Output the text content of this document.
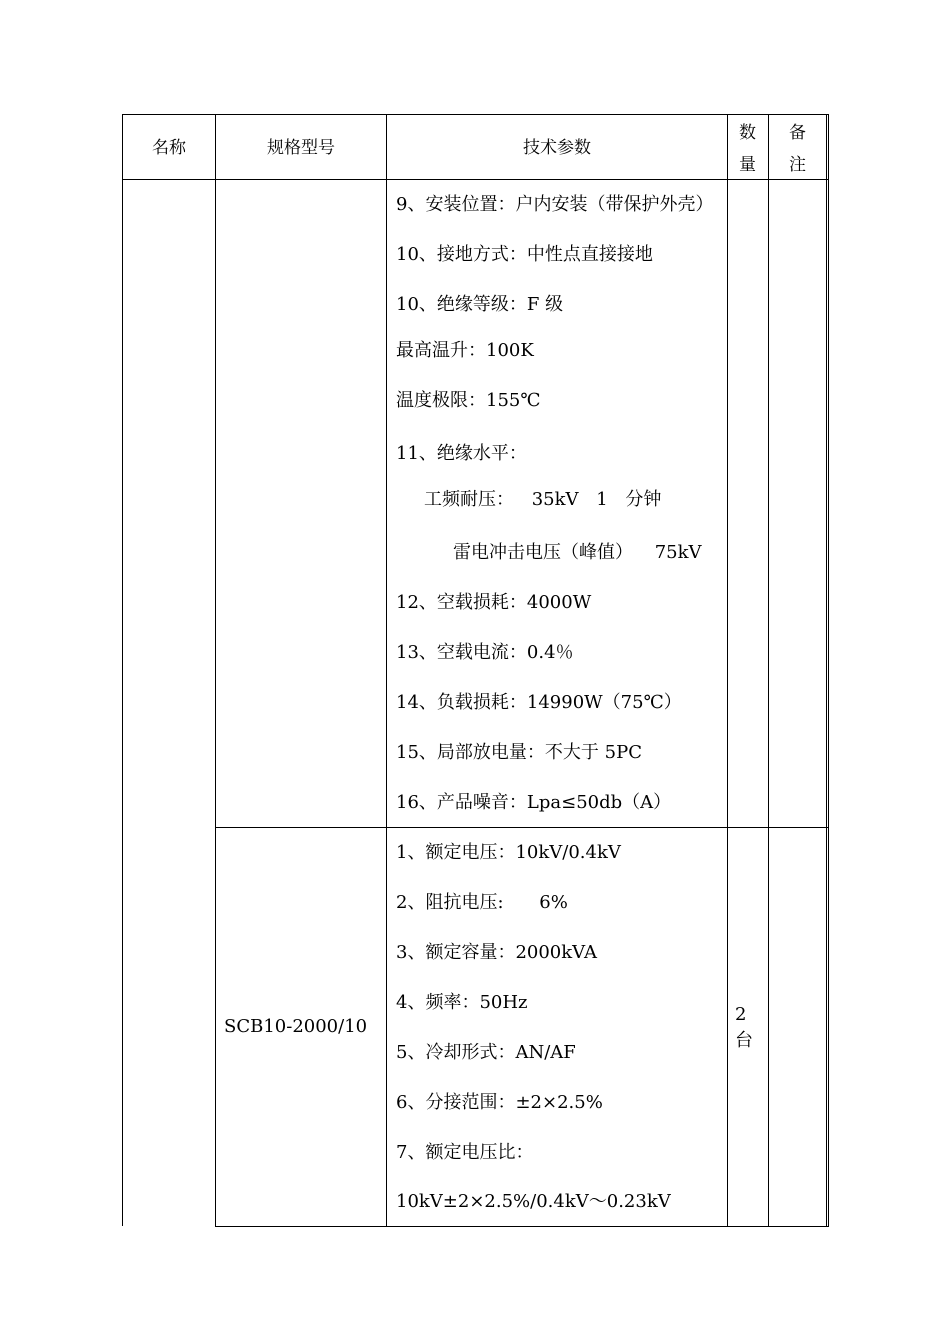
名称	规格型号	技术参数
数
量
备
注
9、安装位置：户内安装（带保护外壳）
10、接地方式：中性点直接接地
10、绝缘等级：F 级
最高温升：100K
温度极限：155℃
11、绝缘水平：
工频耐压： 35kV 1 分钟
雷电冲击电压（峰值） 75kV
12、空载损耗：4000W
13、空载电流：0.4％
14、负载损耗：14990W（75℃）
15、局部放电量：不大于 5PC
16、产品噪音：Lpa≤50db（A）
SCB10-2000/10
1、额定电压：10kV/0.4kV
2、阻抗电压: 6%
3、额定容量：2000kVA
4、频率：50Hz
5、冷却形式：AN/AF
6、分接范围：±2×2.5%
7、额定电压比：
10kV±2×2.5%/0.4kV～0.23kV
2
台
